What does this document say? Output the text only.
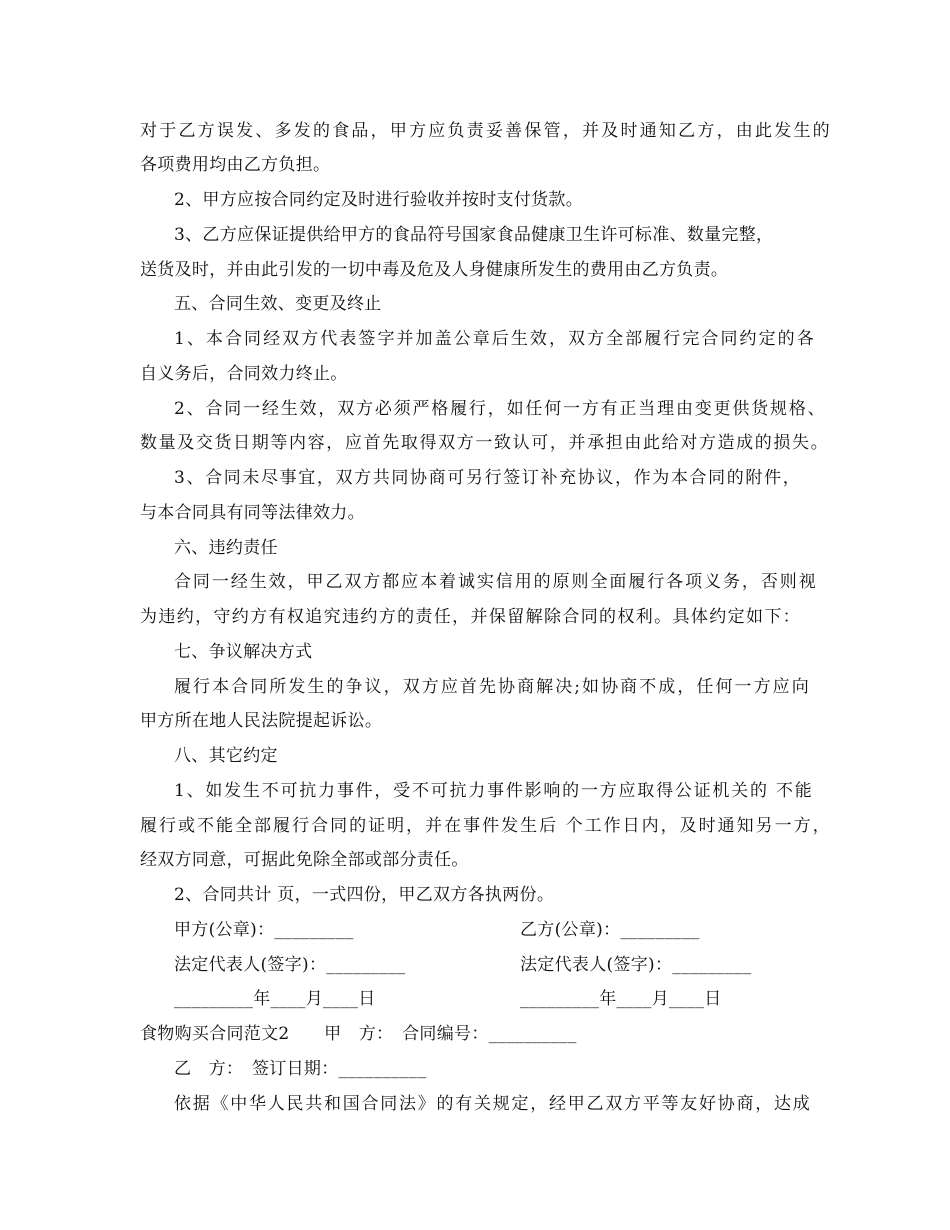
对于乙方误发、多发的食品，甲方应负责妥善保管，并及时通知乙方，由此发生的
各项费用均由乙方负担。
2、甲方应按合同约定及时进行验收并按时支付货款。
3、乙方应保证提供给甲方的食品符号国家食品健康卫生许可标准、数量完整，
送货及时，并由此引发的一切中毒及危及人身健康所发生的费用由乙方负责。
五、合同生效、变更及终止
1、本合同经双方代表签字并加盖公章后生效，双方全部履行完合同约定的各
自义务后，合同效力终止。
2、合同一经生效，双方必须严格履行，如任何一方有正当理由变更供货规格、
数量及交货日期等内容，应首先取得双方一致认可，并承担由此给对方造成的损失。
3、合同未尽事宜，双方共同协商可另行签订补充协议，作为本合同的附件，
与本合同具有同等法律效力。
六、违约责任
合同一经生效，甲乙双方都应本着诚实信用的原则全面履行各项义务，否则视
为违约，守约方有权追究违约方的责任，并保留解除合同的权利。具体约定如下：
七、争议解决方式
履行本合同所发生的争议，双方应首先协商解决;如协商不成，任何一方应向
甲方所在地人民法院提起诉讼。
八、其它约定
1、如发生不可抗力事件，受不可抗力事件影响的一方应取得公证机关的 不能
履行或不能全部履行合同的证明，并在事件发生后 个工作日内，及时通知另一方，
经双方同意，可据此免除全部或部分责任。
2、合同共计 页，一式四份，甲乙双方各执两份。
甲方(公章)：_________	乙方(公章)：_________
法定代表人(签字)：_________	法定代表人(签字)：_________
_________年____月____日	_________年____月____日
食物购买合同范文2　　甲　方：　合同编号：__________
乙　方：　签订日期：__________
依据《中华人民共和国合同法》的有关规定，经甲乙双方平等友好协商，达成
